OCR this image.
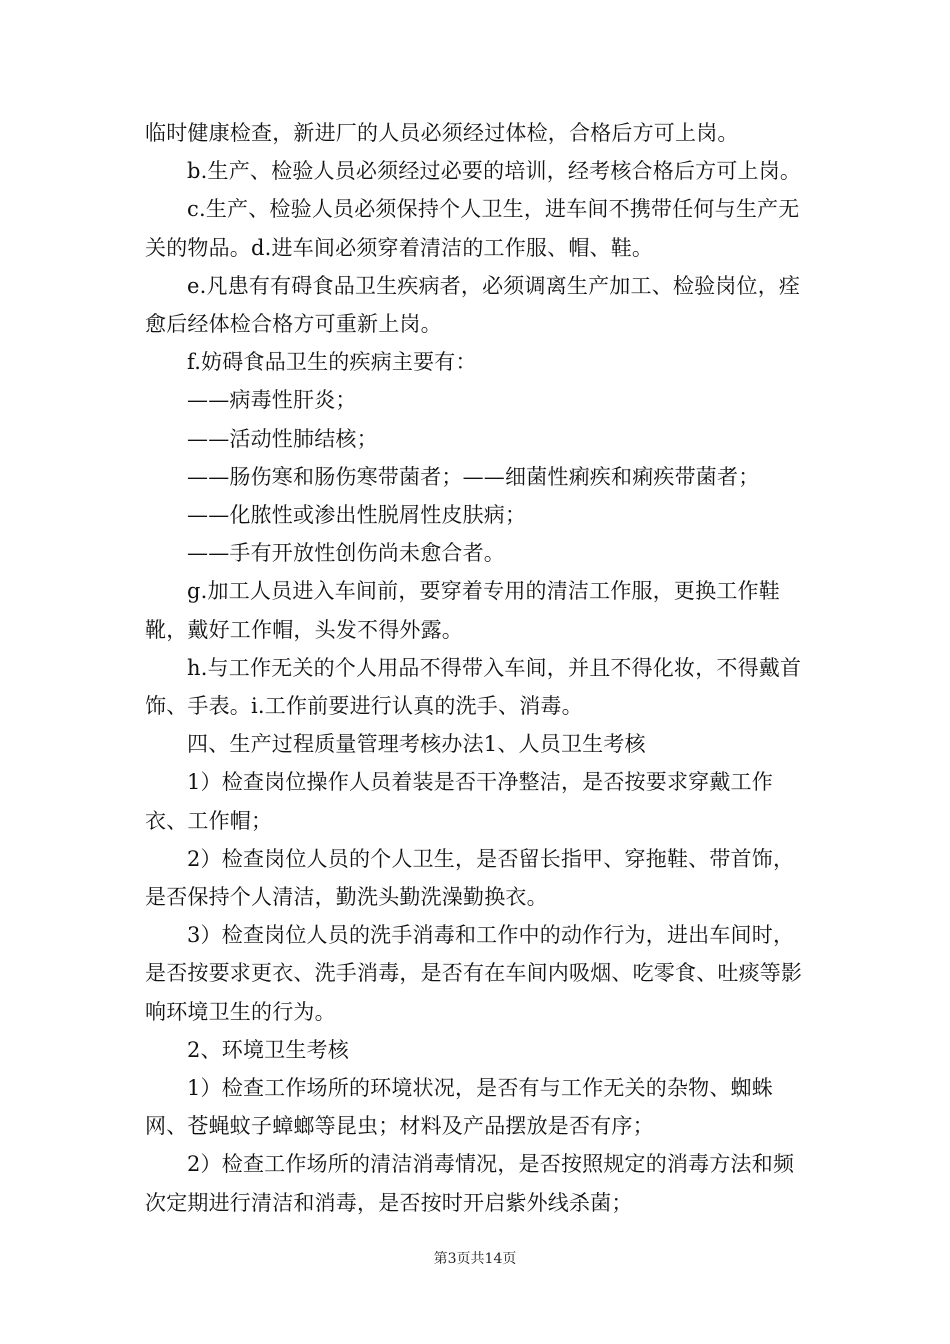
临时健康检查，新进厂的人员必须经过体检，合格后方可上岗。

b.生产、检验人员必须经过必要的培训，经考核合格后方可上岗。

c.生产、检验人员必须保持个人卫生，进车间不携带任何与生产无关的物品。d.进车间必须穿着清洁的工作服、帽、鞋。

e.凡患有有碍食品卫生疾病者，必须调离生产加工、检验岗位，痊愈后经体检合格方可重新上岗。

f.妨碍食品卫生的疾病主要有：

——病毒性肝炎；

——活动性肺结核；

——肠伤寒和肠伤寒带菌者；——细菌性痢疾和痢疾带菌者；

——化脓性或渗出性脱屑性皮肤病；

——手有开放性创伤尚未愈合者。

g.加工人员进入车间前，要穿着专用的清洁工作服，更换工作鞋靴，戴好工作帽，头发不得外露。

h.与工作无关的个人用品不得带入车间，并且不得化妆，不得戴首饰、手表。i.工作前要进行认真的洗手、消毒。

四、生产过程质量管理考核办法1、人员卫生考核

1）检查岗位操作人员着装是否干净整洁，是否按要求穿戴工作衣、工作帽；

2）检查岗位人员的个人卫生，是否留长指甲、穿拖鞋、带首饰，是否保持个人清洁，勤洗头勤洗澡勤换衣。

3）检查岗位人员的洗手消毒和工作中的动作行为，进出车间时，是否按要求更衣、洗手消毒，是否有在车间内吸烟、吃零食、吐痰等影响环境卫生的行为。

2、环境卫生考核

1）检查工作场所的环境状况，是否有与工作无关的杂物、蜘蛛网、苍蝇蚊子蟑螂等昆虫；材料及产品摆放是否有序；

2）检查工作场所的清洁消毒情况，是否按照规定的消毒方法和频次定期进行清洁和消毒，是否按时开启紫外线杀菌；

第3页共14页
